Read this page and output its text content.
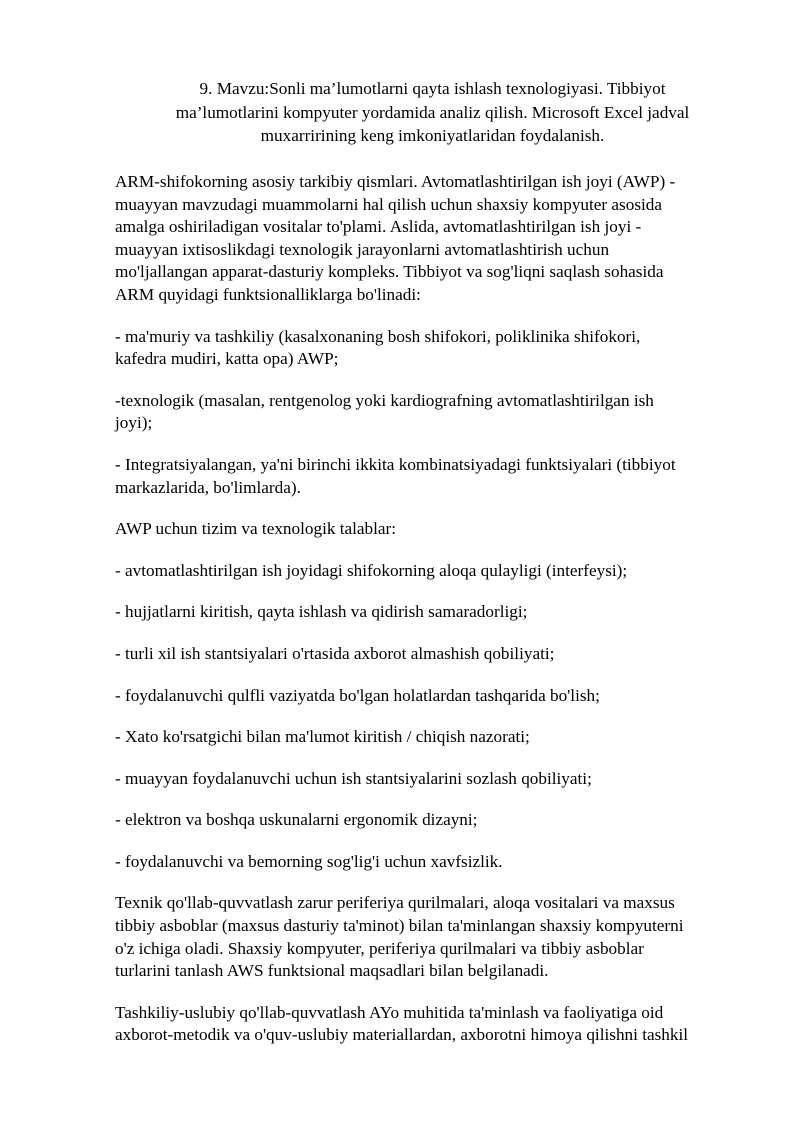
9. Mavzu:Sonli ma’lumotlarni qayta ishlash texnologiyasi. Tibbiyot
ma’lumotlarini kompyuter yordamida analiz qilish. Microsoft Excel jadval
muxarririning keng imkoniyatlaridan foydalanish.

ARM-shifokorning asosiy tarkibiy qismlari. Avtomatlashtirilgan ish joyi (AWP) -
muayyan mavzudagi muammolarni hal qilish uchun shaxsiy kompyuter asosida
amalga oshiriladigan vositalar to'plami. Aslida, avtomatlashtirilgan ish joyi -
muayyan ixtisoslikdagi texnologik jarayonlarni avtomatlashtirish uchun
mo'ljallangan apparat-dasturiy kompleks. Tibbiyot va sog'liqni saqlash sohasida
ARM quyidagi funktsionalliklarga bo'linadi:

- ma'muriy va tashkiliy (kasalxonaning bosh shifokori, poliklinika shifokori,
kafedra mudiri, katta opa) AWP;

-texnologik (masalan, rentgenolog yoki kardiografning avtomatlashtirilgan ish
joyi);

- Integratsiyalangan, ya'ni birinchi ikkita kombinatsiyadagi funktsiyalari (tibbiyot
markazlarida, bo'limlarda).

AWP uchun tizim va texnologik talablar:

- avtomatlashtirilgan ish joyidagi shifokorning aloqa qulayligi (interfeysi);

- hujjatlarni kiritish, qayta ishlash va qidirish samaradorligi;

- turli xil ish stantsiyalari o'rtasida axborot almashish qobiliyati;

- foydalanuvchi qulfli vaziyatda bo'lgan holatlardan tashqarida bo'lish;

- Xato ko'rsatgichi bilan ma'lumot kiritish / chiqish nazorati;

- muayyan foydalanuvchi uchun ish stantsiyalarini sozlash qobiliyati;

- elektron va boshqa uskunalarni ergonomik dizayni;

- foydalanuvchi va bemorning sog'lig'i uchun xavfsizlik.

Texnik qo'llab-quvvatlash zarur periferiya qurilmalari, aloqa vositalari va maxsus
tibbiy asboblar (maxsus dasturiy ta'minot) bilan ta'minlangan shaxsiy kompyuterni
o'z ichiga oladi. Shaxsiy kompyuter, periferiya qurilmalari va tibbiy asboblar
turlarini tanlash AWS funktsional maqsadlari bilan belgilanadi.

Tashkiliy-uslubiy qo'llab-quvvatlash AYo muhitida ta'minlash va faoliyatiga oid
axborot-metodik va o'quv-uslubiy materiallardan, axborotni himoya qilishni tashkil
